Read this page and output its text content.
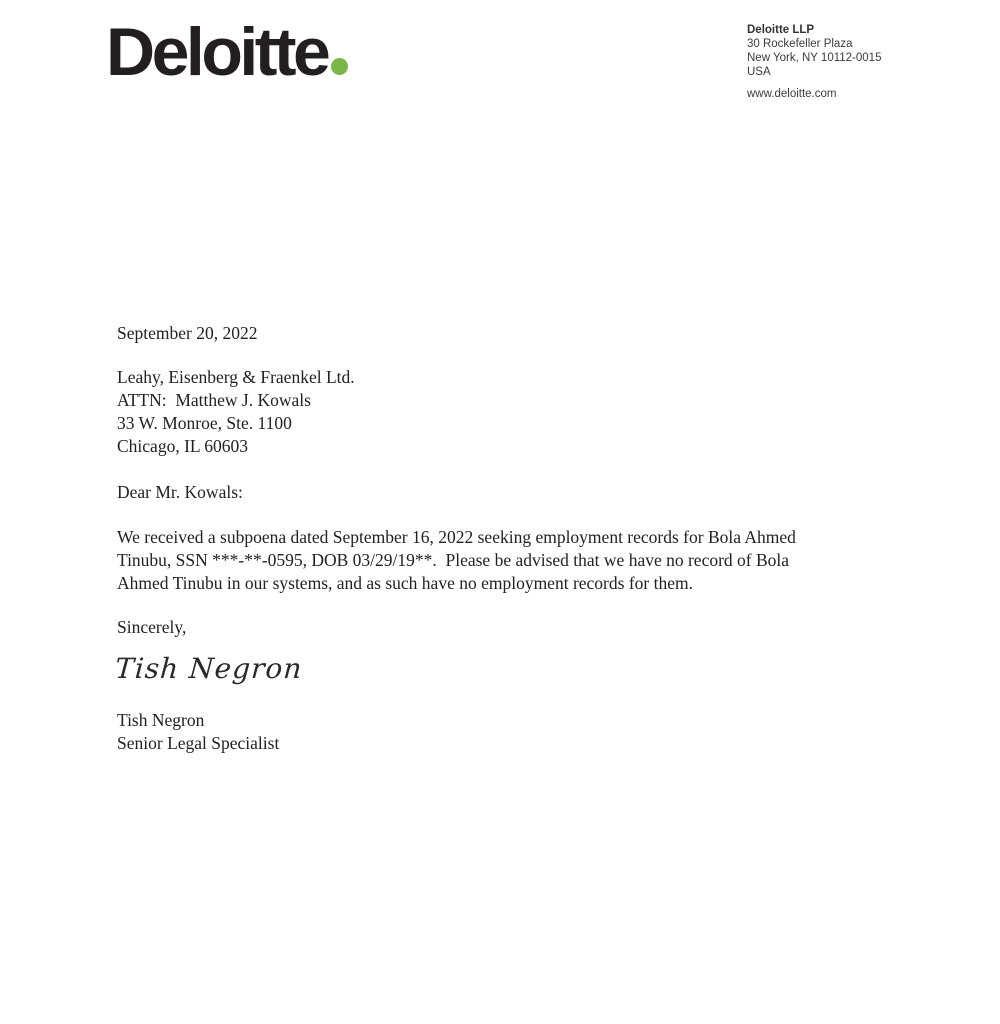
Deloitte	Deloitte LLP
30 Rockefeller Plaza
New York, NY 10112-0015
USA
www.deloitte.com
September 20, 2022
Leahy, Eisenberg & Fraenkel Ltd.
ATTN:  Matthew J. Kowals
33 W. Monroe, Ste. 1100
Chicago, IL 60603
Dear Mr. Kowals:
We received a subpoena dated September 16, 2022 seeking employment records for Bola Ahmed
Tinubu, SSN ***-**-0595, DOB 03/29/19**.  Please be advised that we have no record of Bola
Ahmed Tinubu in our systems, and as such have no employment records for them.
Sincerely,
Tish Negron
Tish Negron
Senior Legal Specialist
